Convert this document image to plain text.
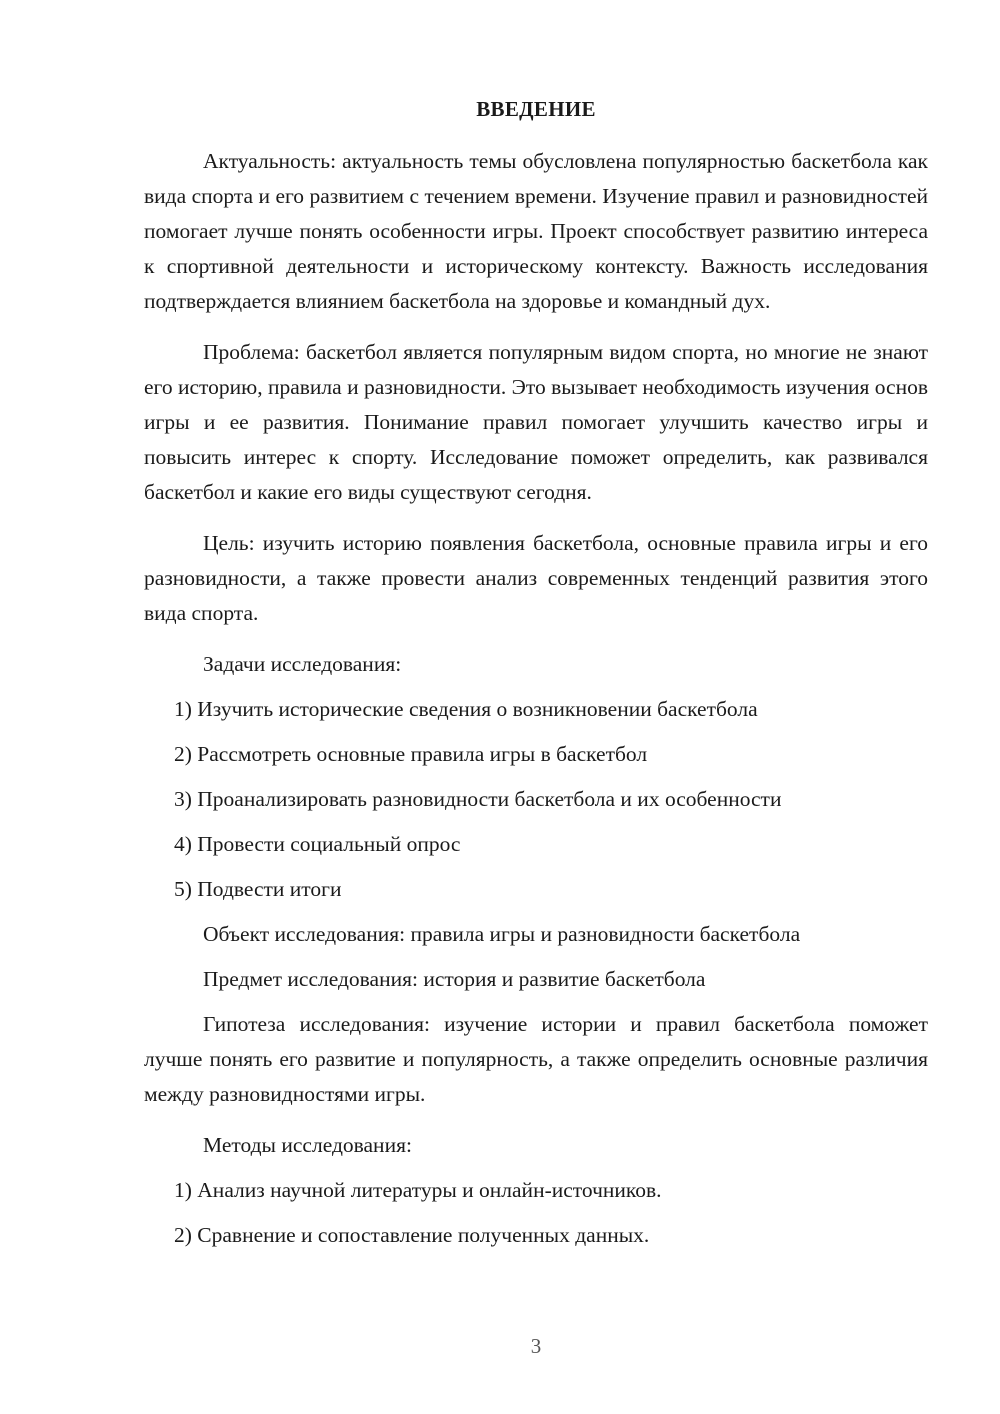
ВВЕДЕНИЕ

Актуальность: актуальность темы обусловлена популярностью баскетбола как вида спорта и его развитием с течением времени. Изучение правил и разновидностей помогает лучше понять особенности игры. Проект способствует развитию интереса к спортивной деятельности и историческому контексту. Важность исследования подтверждается влиянием баскетбола на здоровье и командный дух.

Проблема: баскетбол является популярным видом спорта, но многие не знают его историю, правила и разновидности. Это вызывает необходимость изучения основ игры и ее развития. Понимание правил помогает улучшить качество игры и повысить интерес к спорту. Исследование поможет определить, как развивался баскетбол и какие его виды существуют сегодня.

Цель: изучить историю появления баскетбола, основные правила игры и его разновидности, а также провести анализ современных тенденций развития этого вида спорта.

Задачи исследования:
1) Изучить исторические сведения о возникновении баскетбола
2) Рассмотреть основные правила игры в баскетбол
3) Проанализировать разновидности баскетбола и их особенности
4) Провести социальный опрос
5) Подвести итоги
Объект исследования: правила игры и разновидности баскетбола
Предмет исследования: история и развитие баскетбола

Гипотеза исследования: изучение истории и правил баскетбола поможет лучше понять его развитие и популярность, а также определить основные различия между разновидностями игры.

Методы исследования:
1) Анализ научной литературы и онлайн-источников.
2) Сравнение и сопоставление полученных данных.
3
